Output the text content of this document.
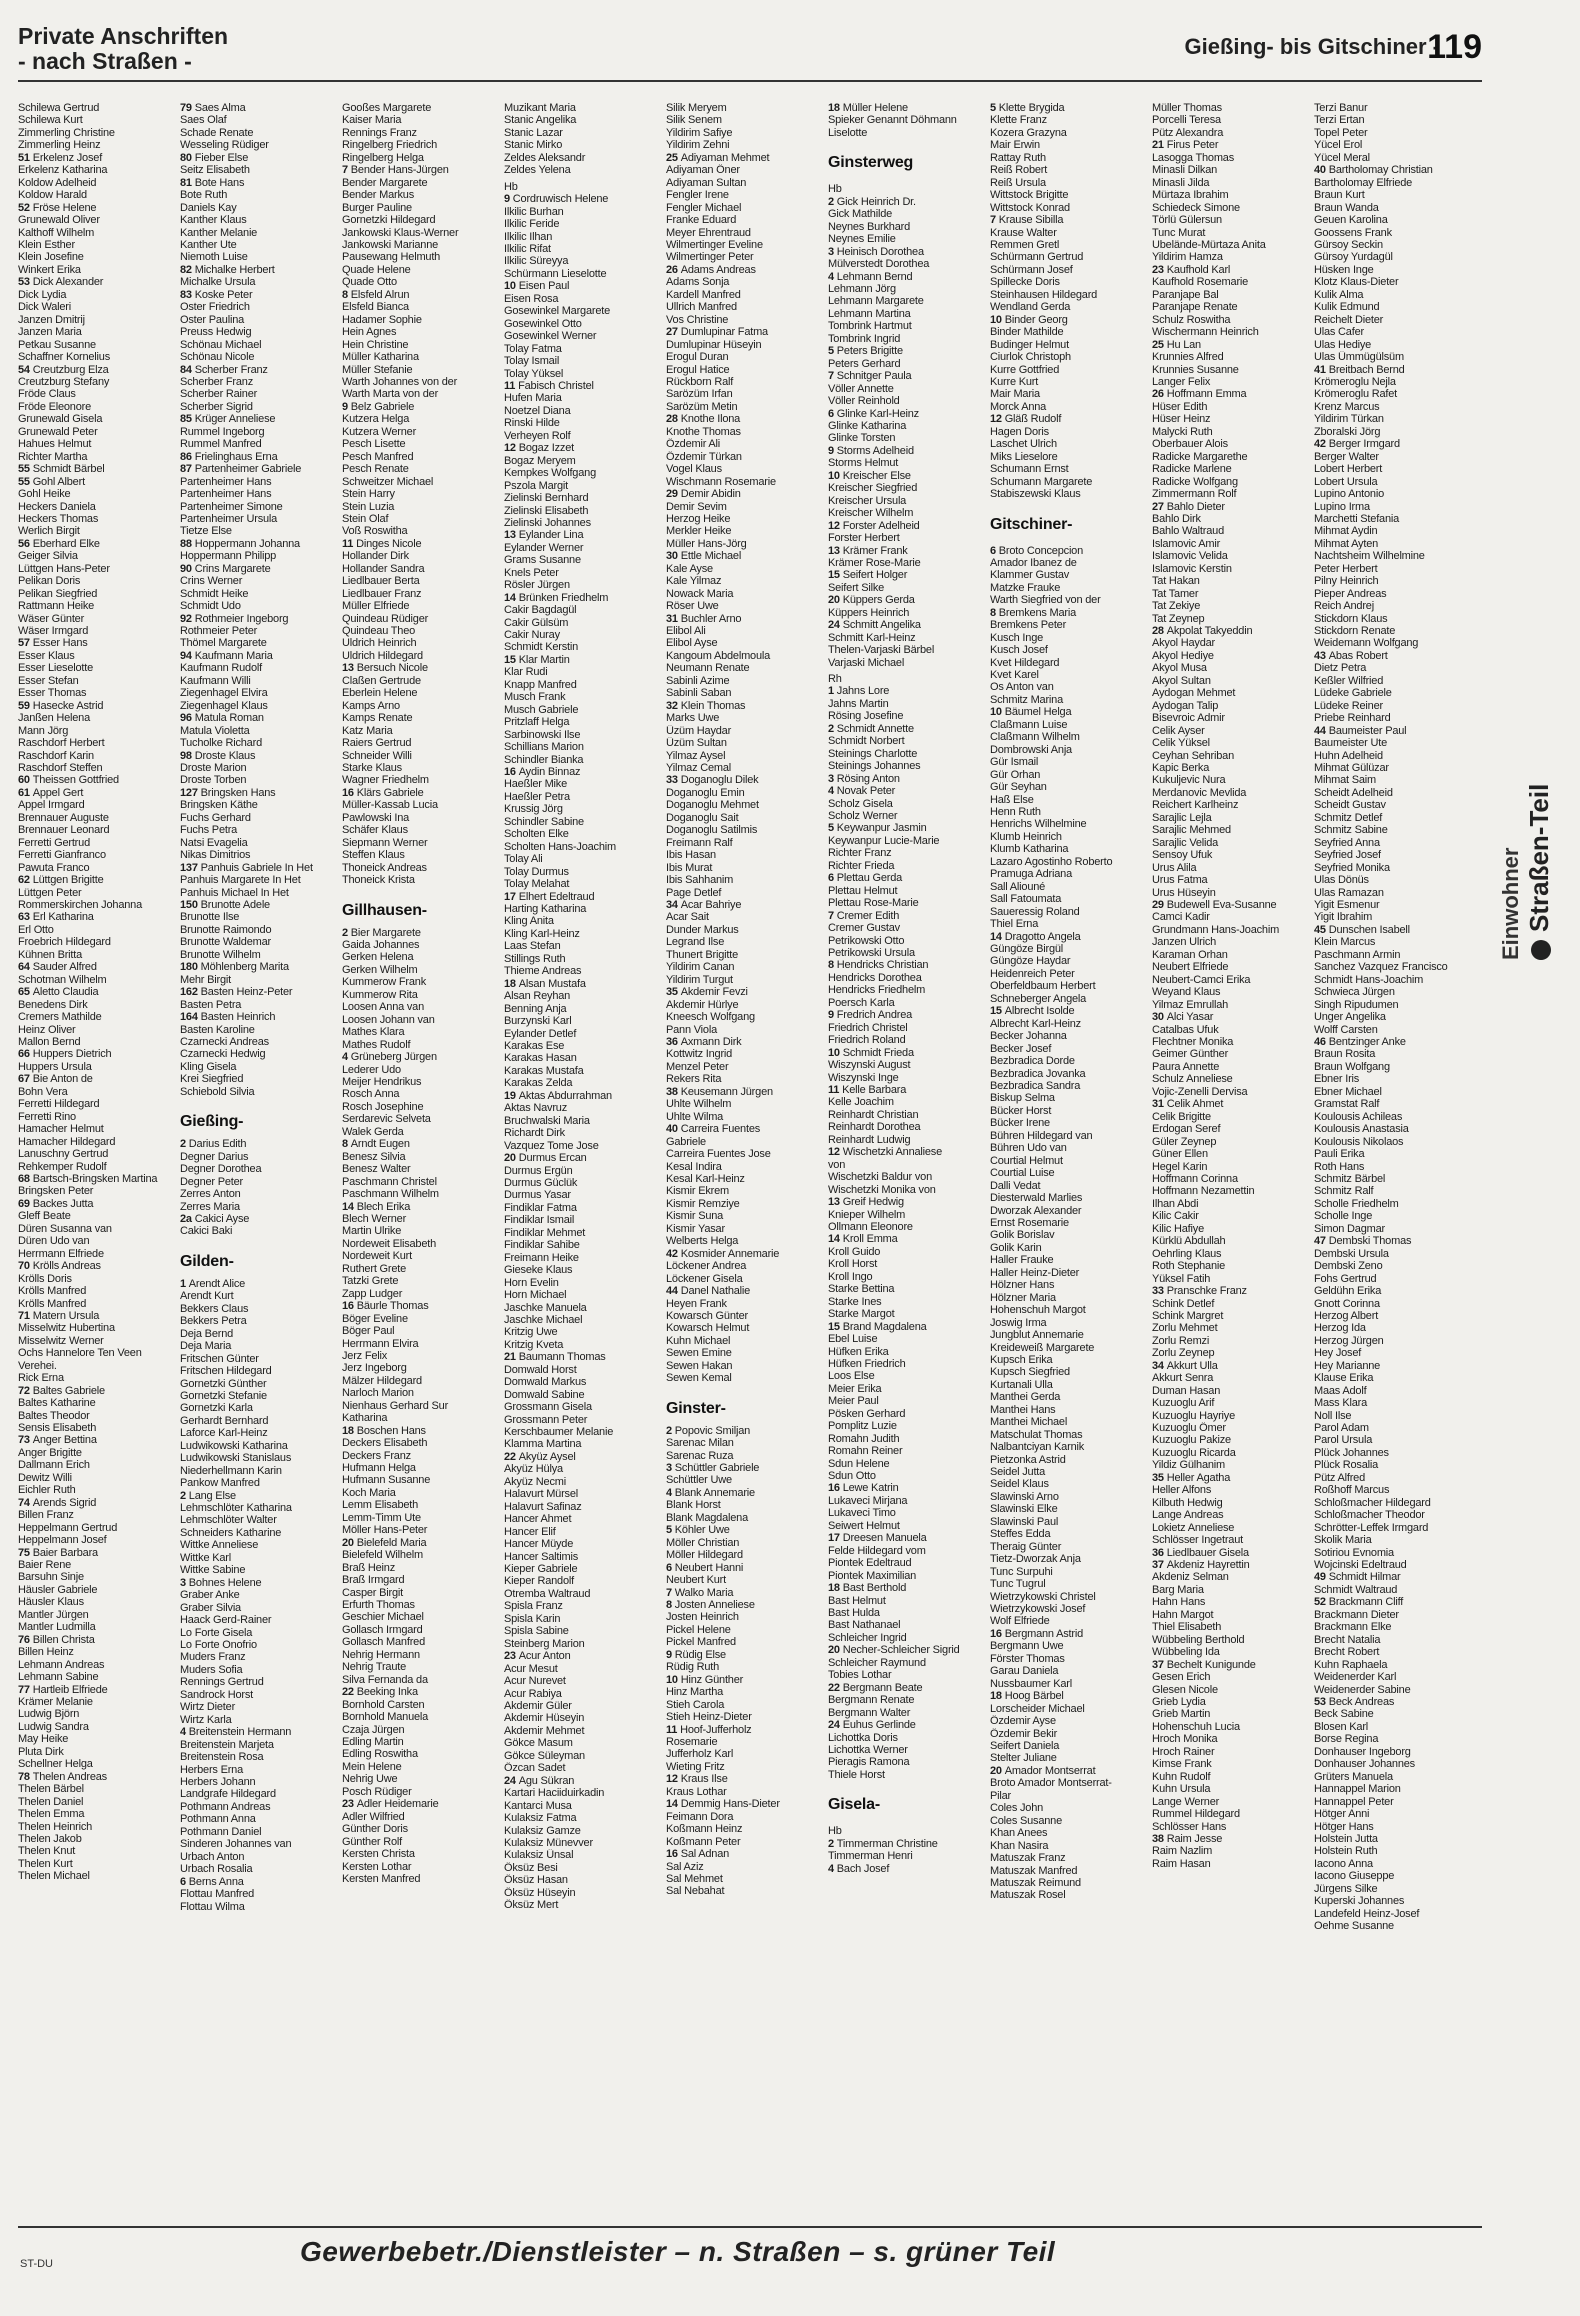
Private Anschriften
- nach Straßen -
Gießing- bis Gitschiner -
119
Schilewa Gertrud
Schilewa Kurt
Zimmerling Christine
Zimmerling Heinz
51 Erkelenz Josef
Erkelenz Katharina
Koldow Adelheid
Koldow Harald
52 Fröse Helene
Grunewald Oliver
Kalthoff Wilhelm
Klein Esther
Klein Josefine
Winkert Erika
53 Dick Alexander
Dick Lydia
Dick Waleri
Janzen Dmitrij
Janzen Maria
Petkau Susanne
Schaffner Kornelius
54 Creutzburg Elza
Creutzburg Stefany
Fröde Claus
Fröde Eleonore
Grunewald Gisela
Grunewald Peter
Hahues Helmut
Richter Martha
55 Schmidt Bärbel
55 Gohl Albert
Gohl Heike
Heckers Daniela
Heckers Thomas
Werlich Birgit
56 Eberhard Elke
Geiger Silvia
Lüttgen Hans-Peter
Pelikan Doris
Pelikan Siegfried
Rattmann Heike
Wäser Günter
Wäser Irmgard
57 Esser Hans
Esser Klaus
Esser Lieselotte
Esser Stefan
Esser Thomas
59 Hasecke Astrid
Janßen Helena
Mann Jörg
Raschdorf Herbert
Raschdorf Karin
Raschdorf Steffen
60 Theissen Gottfried
61 Appel Gert
Appel Irmgard
Brennauer Auguste
Brennauer Leonard
Ferretti Gertrud
Ferretti Gianfranco
Pawuta Franco
62 Lüttgen Brigitte
Lüttgen Peter
Rommerskirchen Johanna
63 Erl Katharina
Erl Otto
Froebrich Hildegard
Kühnen Britta
64 Sauder Alfred
Schotman Wilhelm
65 Aletto Claudia
Benedens Dirk
Cremers Mathilde
Heinz Oliver
Mallon Bernd
66 Huppers Dietrich
Huppers Ursula
67 Bie Anton de
Bohn Vera
Ferretti Hildegard
Ferretti Rino
Hamacher Helmut
Hamacher Hildegard
Lanuschny Gertrud
Rehkemper Rudolf
68 Bartsch-Bringsken Martina
Bringsken Peter
69 Backes Jutta
Gleff Beate
Düren Susanna van
Düren Udo van
Herrmann Elfriede
70 Krölls Andreas
Krölls Doris
Krölls Manfred
Krölls Manfred
71 Matern Ursula
Misselwitz Hubertina
Misselwitz Werner
Ochs Hannelore Ten Veen
Verehei.
Rick Erna
72 Baltes Gabriele
Baltes Katharine
Baltes Theodor
Sensis Elisabeth
73 Anger Bettina
Anger Brigitte
Dallmann Erich
Dewitz Willi
Eichler Ruth
74 Arends Sigrid
Billen Franz
Heppelmann Gertrud
Heppelmann Josef
75 Baier Barbara
Baier Rene
Barsuhn Sinje
Häusler Gabriele
Häusler Klaus
Mantler Jürgen
Mantler Ludmilla
76 Billen Christa
Billen Heinz
Lehmann Andreas
Lehmann Sabine
77 Hartleib Elfriede
Krämer Melanie
Ludwig Björn
Ludwig Sandra
May Heike
Pluta Dirk
Schellner Helga
78 Thelen Andreas
Thelen Bärbel
Thelen Daniel
Thelen Emma
Thelen Heinrich
Thelen Jakob
Thelen Knut
Thelen Kurt
Thelen Michael
79 Saes Alma
Saes Olaf
Schade Renate
Wesseling Rüdiger
80 Fieber Else
Seitz Elisabeth
81 Bote Hans
Bote Ruth
Daniels Kay
Kanther Klaus
Kanther Melanie
Kanther Ute
Niemoth Luise
82 Michalke Herbert
Michalke Ursula
83 Koske Peter
Oster Friedrich
Oster Paulina
Preuss Hedwig
Schönau Michael
Schönau Nicole
84 Scherber Franz
Scherber Franz
Scherber Rainer
Scherber Sigrid
85 Krüger Anneliese
Rummel Ingeborg
Rummel Manfred
86 Frielinghaus Erna
87 Partenheimer Gabriele
Partenheimer Hans
Partenheimer Hans
Partenheimer Simone
Partenheimer Ursula
Tietze Else
88 Hoppermann Johanna
Hoppermann Philipp
90 Crins Margarete
Crins Werner
Schmidt Heike
Schmidt Udo
92 Rothmeier Ingeborg
Rothmeier Peter
Thömel Margarete
94 Kaufmann Maria
Kaufmann Rudolf
Kaufmann Willi
Ziegenhagel Elvira
Ziegenhagel Klaus
96 Matula Roman
Matula Violetta
Tucholke Richard
98 Droste Klaus
Droste Marion
Droste Torben
127 Bringsken Hans
Bringsken Käthe
Fuchs Gerhard
Fuchs Petra
Natsi Evagelia
Nikas Dimitrios
137 Panhuis Gabriele In Het
Panhuis Margarete In Het
Panhuis Michael In Het
150 Brunotte Adele
Brunotte Ilse
Brunotte Raimondo
Brunotte Waldemar
Brunotte Wilhelm
180 Möhlenberg Marita
Mehr Birgit
162 Basten Heinz-Peter
Basten Petra
164 Basten Heinrich
Basten Karoline
Czarnecki Andreas
Czarnecki Hedwig
Kling Gisela
Krei Siegfried
Schiebold Silvia
Gießing-
2 Darius Edith
Degner Darius
Degner Dorothea
Degner Peter
Zerres Anton
Zerres Maria
2a Cakici Ayse
Cakici Baki
Gilden-
1 Arendt Alice
Arendt Kurt
Bekkers Claus
Bekkers Petra
Deja Bernd
Deja Maria
Fritschen Günter
Fritschen Hildegard
Gornetzki Günther
Gornetzki Stefanie
Gornetzki Karla
Gerhardt Bernhard
Laforce Karl-Heinz
Ludwikowski Katharina
Ludwikowski Stanislaus
Niederhellmann Karin
Pankow Manfred
2 Lang Else
Lehmschlöter Katharina
Lehmschlöter Walter
Schneiders Katharine
Wittke Anneliese
Wittke Karl
Wittke Sabine
3 Bohnes Helene
Graber Anke
Graber Silvia
Haack Gerd-Rainer
Lo Forte Gisela
Lo Forte Onofrio
Muders Franz
Muders Sofia
Rennings Gertrud
Sandrock Horst
Wirtz Dieter
Wirtz Karla
4 Breitenstein Hermann
Breitenstein Marjeta
Breitenstein Rosa
Herbers Erna
Herbers Johann
Landgrafe Hildegard
Pothmann Andreas
Pothmann Anna
Pothmann Daniel
Sinderen Johannes van
Urbach Anton
Urbach Rosalia
6 Berns Anna
Flottau Manfred
Flottau Wilma
Gooßes Margarete
Kaiser Maria
Rennings Franz
Ringelberg Friedrich
Ringelberg Helga
7 Bender Hans-Jürgen
Bender Margarete
Bender Markus
Burger Pauline
Gornetzki Hildegard
Jankowski Klaus-Werner
Jankowski Marianne
Pausewang Helmuth
Quade Helene
Quade Otto
8 Elsfeld Alrun
Elsfeld Bianca
Hadamer Sophie
Hein Agnes
Hein Christine
Müller Katharina
Müller Stefanie
Warth Johannes von der
Warth Marta von der
9 Belz Gabriele
Kutzera Helga
Kutzera Werner
Pesch Lisette
Pesch Manfred
Pesch Renate
Schweitzer Michael
Stein Harry
Stein Luzia
Stein Olaf
Voß Roswitha
11 Dinges Nicole
Hollander Dirk
Hollander Sandra
Liedlbauer Berta
Liedlbauer Franz
Müller Elfriede
Quindeau Rüdiger
Quindeau Theo
Uldrich Heinrich
Uldrich Hildegard
13 Bersuch Nicole
Claßen Gertrude
Eberlein Helene
Kamps Arno
Kamps Renate
Katz Maria
Raiers Gertrud
Schneider Willi
Starke Klaus
Wagner Friedhelm
16 Klärs Gabriele
Müller-Kassab Lucia
Pawlowski Ina
Schäfer Klaus
Siepmann Werner
Steffen Klaus
Thoneick Andreas
Thoneick Krista
Gillhausen-
2 Bier Margarete
Gaida Johannes
Gerken Helena
Gerken Wilhelm
Kummerow Frank
Kummerow Rita
Loosen Anna van
Loosen Johann van
Mathes Klara
Mathes Rudolf
4 Grüneberg Jürgen
Lederer Udo
Meijer Hendrikus
Rosch Anna
Rosch Josephine
Serdarevic Selveta
Walek Gerda
8 Arndt Eugen
Benesz Silvia
Benesz Walter
Paschmann Christel
Paschmann Wilhelm
14 Blech Erika
Blech Werner
Martin Ulrike
Nordeweit Elisabeth
Nordeweit Kurt
Ruthert Grete
Tatzki Grete
Zapp Ludger
16 Bäurle Thomas
Böger Eveline
Böger Paul
Herrmann Elvira
Jerz Felix
Jerz Ingeborg
Mälzer Hildegard
Narloch Marion
Nienhaus Gerhard Sur
Katharina
18 Boschen Hans
Deckers Elisabeth
Deckers Franz
Hufmann Helga
Hufmann Susanne
Koch Maria
Lemm Elisabeth
Lemm-Timm Ute
Möller Hans-Peter
20 Bielefeld Maria
Bielefeld Wilhelm
Braß Heinz
Braß Irmgard
Casper Birgit
Erfurth Thomas
Geschier Michael
Gollasch Irmgard
Gollasch Manfred
Nehrig Hermann
Nehrig Traute
Silva Fernanda da
22 Beeking Inka
Bornhold Carsten
Bornhold Manuela
Czaja Jürgen
Edling Martin
Edling Roswitha
Mein Helene
Nehrig Uwe
Posch Rüdiger
23 Adler Heidemarie
Adler Wilfried
Günther Doris
Günther Rolf
Kersten Christa
Kersten Lothar
Kersten Manfred
Muzikant Maria
Stanic Angelika
Stanic Lazar
Stanic Mirko
Zeldes Aleksandr
Zeldes Yelena
Hb
9 Cordruwisch Helene
Ilkilic Burhan
Ilkilic Feride
Ilkilic Ilhan
Ilkilic Rifat
Ilkilic Süreyya
Schürmann Lieselotte
10 Eisen Paul
Eisen Rosa
Gosewinkel Margarete
Gosewinkel Otto
Gosewinkel Werner
Tolay Fatma
Tolay Ismail
Tolay Yüksel
11 Fabisch Christel
Hufen Maria
Noetzel Diana
Rinski Hilde
Verheyen Rolf
12 Bogaz Izzet
Bogaz Meryem
Kempkes Wolfgang
Pszola Margit
Zielinski Bernhard
Zielinski Elisabeth
Zielinski Johannes
13 Eylander Lina
Eylander Werner
Grams Susanne
Knels Peter
Rösler Jürgen
14 Brünken Friedhelm
Cakir Bagdagül
Cakir Gülsüm
Cakir Nuray
Schmidt Kerstin
15 Klar Martin
Klar Rudi
Knapp Manfred
Musch Frank
Musch Gabriele
Pritzlaff Helga
Sarbinowski Ilse
Schillians Marion
Schindler Bianka
16 Aydin Binnaz
Haeßler Mike
Haeßler Petra
Krussig Jörg
Schindler Sabine
Scholten Elke
Scholten Hans-Joachim
Tolay Ali
Tolay Durmus
Tolay Melahat
17 Elhert Edeltraud
Harting Katharina
Kling Anita
Kling Karl-Heinz
Laas Stefan
Stillings Ruth
Thieme Andreas
18 Alsan Mustafa
Alsan Reyhan
Benning Anja
Burzynski Karl
Eylander Detlef
Karakas Ese
Karakas Hasan
Karakas Mustafa
Karakas Zelda
19 Aktas Abdurrahman
Aktas Navruz
Bruchwalski Maria
Richardt Dirk
Vazquez Tome Jose
20 Durmus Ercan
Durmus Ergün
Durmus Güclük
Durmus Yasar
Findiklar Fatma
Findiklar Ismail
Findiklar Mehmet
Findiklar Sahibe
Freimann Heike
Gieseke Klaus
Horn Evelin
Horn Michael
Jaschke Manuela
Jaschke Michael
Kritzig Uwe
Kritzig Kveta
21 Baumann Thomas
Domwald Horst
Domwald Markus
Domwald Sabine
Grossmann Gisela
Grossmann Peter
Kerschbaumer Melanie
Klamma Martina
22 Akyüz Aysel
Akyüz Hülya
Akyüz Necmi
Halavurt Mürsel
Halavurt Safinaz
Hancer Ahmet
Hancer Elif
Hancer Müyde
Hancer Saltimis
Kieper Gabriele
Kieper Randolf
Otremba Waltraud
Spisla Franz
Spisla Karin
Spisla Sabine
Steinberg Marion
23 Acur Anton
Acur Mesut
Acur Nurevet
Acur Rabiya
Akdemir Güler
Akdemir Hüseyin
Akdemir Mehmet
Gökce Masum
Gökce Süleyman
Özcan Sadet
24 Agu Sükran
Kartari Haciiduirkadin
Kantarci Musa
Kulaksiz Fatma
Kulaksiz Gamze
Kulaksiz Münevver
Kulaksiz Ünsal
Öksüz Besi
Öksüz Hasan
Öksüz Hüseyin
Öksüz Mert
Silik Meryem
Silik Senem
Yildirim Safiye
Yildirim Zehni
25 Adiyaman Mehmet
Adiyaman Öner
Adiyaman Sultan
Fengler Irene
Fengler Michael
Franke Eduard
Meyer Ehrentraud
Wilmertinger Eveline
Wilmertinger Peter
26 Adams Andreas
Adams Sonja
Kardell Manfred
Ullrich Manfred
Vos Christine
27 Dumlupinar Fatma
Dumlupinar Hüseyin
Erogul Duran
Erogul Hatice
Rückborn Ralf
Sarözüm Irfan
Sarözüm Metin
28 Knothe Ilona
Knothe Thomas
Özdemir Ali
Özdemir Türkan
Vogel Klaus
Wischmann Rosemarie
29 Demir Abidin
Demir Sevim
Herzog Heike
Merkler Heike
Müller Hans-Jörg
30 Ettle Michael
Kale Ayse
Kale Yilmaz
Nowack Maria
Röser Uwe
31 Buchler Arno
Elibol Ali
Elibol Ayse
Kangoum Abdelmoula
Neumann Renate
Sabinli Azime
Sabinli Saban
32 Klein Thomas
Marks Uwe
Üzüm Haydar
Üzüm Sultan
Yilmaz Aysel
Yilmaz Cemal
33 Doganoglu Dilek
Doganoglu Emin
Doganoglu Mehmet
Doganoglu Sait
Doganoglu Satilmis
Freimann Ralf
Ibis Hasan
Ibis Murat
Ibis Sahhanim
Page Detlef
34 Acar Bahriye
Acar Sait
Dunder Markus
Legrand Ilse
Thunert Brigitte
Yildirim Canan
Yildirim Turgut
35 Akdemir Fevzi
Akdemir Hürlye
Kneesch Wolfgang
Pann Viola
36 Axmann Dirk
Kottwitz Ingrid
Menzel Peter
Rekers Rita
38 Keusemann Jürgen
Uhlte Wilhelm
Uhlte Wilma
40 Carreira Fuentes
Gabriele
Carreira Fuentes Jose
Kesal Indira
Kesal Karl-Heinz
Kismir Ekrem
Kismir Remziye
Kismir Suna
Kismir Yasar
Welberts Helga
42 Kosmider Annemarie
Löckener Andrea
Löckener Gisela
44 Danel Nathalie
Heyen Frank
Kowarsch Günter
Kowarsch Helmut
Kuhn Michael
Sewen Emine
Sewen Hakan
Sewen Kemal
Ginster-
2 Popovic Smiljan
Sarenac Milan
Sarenac Ruza
3 Schüttler Gabriele
Schüttler Uwe
4 Blank Annemarie
Blank Horst
Blank Magdalena
5 Köhler Uwe
Möller Christian
Möller Hildegard
6 Neubert Hanni
Neubert Kurt
7 Walko Maria
8 Josten Anneliese
Josten Heinrich
Pickel Helene
Pickel Manfred
9 Rüdig Else
Rüdig Ruth
10 Hinz Günther
Hinz Martha
Stieh Carola
Stieh Heinz-Dieter
11 Hoof-Jufferholz
Rosemarie
Jufferholz Karl
Wieting Fritz
12 Kraus Ilse
Kraus Lothar
14 Demmig Hans-Dieter
Feimann Dora
Koßmann Heinz
Koßmann Peter
16 Sal Adnan
Sal Aziz
Sal Mehmet
Sal Nebahat
18 Müller Helene
Spieker Genannt Döhmann
Liselotte
Ginsterweg
Hb
2 Gick Heinrich Dr.
Gick Mathilde
Neynes Burkhard
Neynes Emilie
3 Heinisch Dorothea
Mülverstedt Dorothea
4 Lehmann Bernd
Lehmann Jörg
Lehmann Margarete
Lehmann Martina
Tombrink Hartmut
Tombrink Ingrid
5 Peters Brigitte
Peters Gerhard
7 Schnitger Paula
Völler Annette
Völler Reinhold
6 Glinke Karl-Heinz
Glinke Katharina
Glinke Torsten
9 Storms Adelheid
Storms Helmut
10 Kreischer Else
Kreischer Siegfried
Kreischer Ursula
Kreischer Wilhelm
12 Forster Adelheid
Forster Herbert
13 Krämer Frank
Krämer Rose-Marie
15 Seifert Holger
Seifert Silke
20 Küppers Gerda
Küppers Heinrich
24 Schmitt Angelika
Schmitt Karl-Heinz
Thelen-Varjaski Bärbel
Varjaski Michael
Rh
1 Jahns Lore
Jahns Martin
Rösing Josefine
2 Schmidt Annette
Schmidt Norbert
Steinings Charlotte
Steinings Johannes
3 Rösing Anton
4 Novak Peter
Scholz Gisela
Scholz Werner
5 Keywanpur Jasmin
Keywanpur Lucie-Marie
Richter Franz
Richter Frieda
6 Plettau Gerda
Plettau Helmut
Plettau Rose-Marie
7 Cremer Edith
Cremer Gustav
Petrikowski Otto
Petrikowski Ursula
8 Hendricks Christian
Hendricks Dorothea
Hendricks Friedhelm
Poersch Karla
9 Fredrich Andrea
Friedrich Christel
Friedrich Roland
10 Schmidt Frieda
Wiszynski August
Wiszynski Inge
11 Kelle Barbara
Kelle Joachim
Reinhardt Christian
Reinhardt Dorothea
Reinhardt Ludwig
12 Wischetzki Annaliese
von
Wischetzki Baldur von
Wischetzki Monika von
13 Greif Hedwig
Knieper Wilhelm
Ollmann Eleonore
14 Kroll Emma
Kroll Guido
Kroll Horst
Kroll Ingo
Starke Bettina
Starke Ines
Starke Margot
15 Brand Magdalena
Ebel Luise
Hüfken Erika
Hüfken Friedrich
Loos Else
Meier Erika
Meier Paul
Pösken Gerhard
Pomplitz Luzie
Romahn Judith
Romahn Reiner
Sdun Helene
Sdun Otto
16 Lewe Katrin
Lukaveci Mirjana
Lukaveci Timo
Seiwert Helmut
17 Dreesen Manuela
Felde Hildegard vom
Piontek Edeltraud
Piontek Maximilian
18 Bast Berthold
Bast Helmut
Bast Hulda
Bast Nathanael
Schleicher Ingrid
20 Necher-Schleicher Sigrid
Schleicher Raymund
Tobies Lothar
22 Bergmann Beate
Bergmann Renate
Bergmann Walter
24 Euhus Gerlinde
Lichottka Doris
Lichottka Werner
Pieragis Ramona
Thiele Horst
Gisela-
Hb
2 Timmerman Christine
Timmerman Henri
4 Bach Josef
5 Klette Brygida
Klette Franz
Kozera Grazyna
Mair Erwin
Rattay Ruth
Reiß Robert
Reiß Ursula
Wittstock Brigitte
Wittstock Konrad
7 Krause Sibilla
Krause Walter
Remmen Gretl
Schürmann Gertrud
Schürmann Josef
Spillecke Doris
Steinhausen Hildegard
Wendland Gerda
10 Binder Georg
Binder Mathilde
Budinger Helmut
Ciurlok Christoph
Kurre Gottfried
Kurre Kurt
Mair Maria
Morck Anna
12 Gläß Rudolf
Hagen Doris
Laschet Ulrich
Miks Lieselore
Schumann Ernst
Schumann Margarete
Stabiszewski Klaus
Gitschiner-
6 Broto Concepcion
Amador Ibanez de
Klammer Gustav
Matzke Frauke
Warth Siegfried von der
8 Bremkens Maria
Bremkens Peter
Kusch Inge
Kusch Josef
Kvet Hildegard
Kvet Karel
Os Anton van
Schmitz Marina
10 Bäumel Helga
Claßmann Luise
Claßmann Wilhelm
Dombrowski Anja
Gür Ismail
Gür Orhan
Gür Seyhan
Haß Else
Henn Ruth
Henrichs Wilhelmine
Klumb Heinrich
Klumb Katharina
Lazaro Agostinho Roberto
Pramuga Adriana
Sall Aliouné
Sall Fatoumata
Saueressig Roland
Thiel Erna
14 Dragotto Angela
Güngöze Birgül
Güngöze Haydar
Heidenreich Peter
Oberfeldbaum Herbert
Schneberger Angela
15 Albrecht Isolde
Albrecht Karl-Heinz
Becker Johanna
Becker Josef
Bezbradica Dorde
Bezbradica Jovanka
Bezbradica Sandra
Biskup Selma
Bücker Horst
Bücker Irene
Bühren Hildegard van
Bühren Udo van
Courtial Helmut
Courtial Luise
Dalli Vedat
Diesterwald Marlies
Dworzak Alexander
Ernst Rosemarie
Golik Borislav
Golik Karin
Haller Frauke
Haller Heinz-Dieter
Hölzner Hans
Hölzner Maria
Hohenschuh Margot
Joswig Irma
Jungblut Annemarie
Kreideweiß Margarete
Kupsch Erika
Kupsch Siegfried
Kurtanali Ulla
Manthei Gerda
Manthei Hans
Manthei Michael
Matschulat Thomas
Nalbantciyan Karnik
Pietzonka Astrid
Seidel Jutta
Seidel Klaus
Slawinski Arno
Slawinski Elke
Slawinski Paul
Steffes Edda
Theraig Günter
Tietz-Dworzak Anja
Tunc Surpuhi
Tunc Tugrul
Wietrzykowski Christel
Wietrzykowski Josef
Wolf Elfriede
16 Bergmann Astrid
Bergmann Uwe
Förster Thomas
Garau Daniela
Nussbaumer Karl
18 Hoog Bärbel
Lorscheider Michael
Özdemir Ayse
Özdemir Bekir
Seifert Daniela
Stelter Juliane
20 Amador Montserrat
Broto Amador Montserrat-
Pilar
Coles John
Coles Susanne
Khan Anees
Khan Nasira
Matuszak Franz
Matuszak Manfred
Matuszak Reimund
Matuszak Rosel
Müller Thomas
Porcelli Teresa
Pütz Alexandra
21 Firus Peter
Lasogga Thomas
Minasli Dilkan
Minasli Jilda
Mürtaza Ibrahim
Schiedeck Simone
Törlü Gülersun
Tunc Murat
Ubelände-Mürtaza Anita
Yildirim Hamza
23 Kaufhold Karl
Kaufhold Rosemarie
Paranjape Bal
Paranjape Renate
Schulz Roswitha
Wischermann Heinrich
25 Hu Lan
Krunnies Alfred
Krunnies Susanne
Langer Felix
26 Hoffmann Emma
Hüser Edith
Hüser Heinz
Malycki Ruth
Oberbauer Alois
Radicke Margarethe
Radicke Marlene
Radicke Wolfgang
Zimmermann Rolf
27 Bahlo Dieter
Bahlo Dirk
Bahlo Waltraud
Islamovic Amir
Islamovic Velida
Islamovic Kerstin
Tat Hakan
Tat Tamer
Tat Zekiye
Tat Zeynep
28 Akpolat Takyeddin
Akyol Haydar
Akyol Hediye
Akyol Musa
Akyol Sultan
Aydogan Mehmet
Aydogan Talip
Bisevroic Admir
Celik Ayser
Celik Yüksel
Ceyhan Sehriban
Kapic Berka
Kukuljevic Nura
Merdanovic Mevlida
Reichert Karlheinz
Sarajlic Lejla
Sarajlic Mehmed
Sarajlic Velida
Sensoy Ufuk
Urus Alila
Urus Fatma
Urus Hüseyin
29 Budewell Eva-Susanne
Camci Kadir
Grundmann Hans-Joachim
Janzen Ulrich
Karaman Orhan
Neubert Elfriede
Neubert-Camci Erika
Weyand Klaus
Yilmaz Emrullah
30 Alci Yasar
Catalbas Ufuk
Flechtner Monika
Geimer Günther
Paura Annette
Schulz Anneliese
Vojic-Zenelli Dervisa
31 Celik Ahmet
Celik Brigitte
Erdogan Seref
Güler Zeynep
Güner Ellen
Hegel Karin
Hoffmann Corinna
Hoffmann Nezamettin
Ilhan Abdi
Kilic Cakir
Kilic Hafiye
Kürklü Abdullah
Oehrling Klaus
Roth Stephanie
Yüksel Fatih
33 Pranschke Franz
Schink Detlef
Schink Margret
Zorlu Mehmet
Zorlu Remzi
Zorlu Zeynep
34 Akkurt Ulla
Akkurt Senra
Duman Hasan
Kuzuoglu Arif
Kuzuoglu Hayriye
Kuzuoglu Ömer
Kuzuoglu Pakize
Kuzuoglu Ricarda
Yildiz Gülhanim
35 Heller Agatha
Heller Alfons
Kilbuth Hedwig
Lange Andreas
Lokietz Anneliese
Schlösser Ingetraut
36 Liedlbauer Gisela
37 Akdeniz Hayrettin
Akdeniz Selman
Barg Maria
Hahn Hans
Hahn Margot
Thiel Elisabeth
Wübbeling Berthold
Wübbeling Ida
37 Bechelt Kunigunde
Gesen Erich
Glesen Nicole
Grieb Lydia
Grieb Martin
Hohenschuh Lucia
Hroch Monika
Hroch Rainer
Kimse Frank
Kuhn Rudolf
Kuhn Ursula
Lange Werner
Rummel Hildegard
Schlösser Hans
38 Raim Jesse
Raim Nazlim
Raim Hasan
Terzi Banur
Terzi Ertan
Topel Peter
Yücel Erol
Yücel Meral
40 Bartholomay Christian
Bartholomay Elfriede
Braun Kurt
Braun Wanda
Geuen Karolina
Goossens Frank
Gürsoy Seckin
Gürsoy Yurdagül
Hüsken Inge
Klotz Klaus-Dieter
Kulik Alma
Kulik Edmund
Reichelt Dieter
Ulas Cafer
Ulas Hediye
Ulas Ümmügülsüm
41 Breitbach Bernd
Krömeroglu Nejla
Krömeroglu Rafet
Krenz Marcus
Yildirim Türkan
Zboralski Jörg
42 Berger Irmgard
Berger Walter
Lobert Herbert
Lobert Ursula
Lupino Antonio
Lupino Irma
Marchetti Stefania
Mihmat Aydin
Mihmat Ayten
Nachtsheim Wilhelmine
Peter Herbert
Pilny Heinrich
Pieper Andreas
Reich Andrej
Stickdorn Klaus
Stickdorn Renate
Weidemann Wolfgang
43 Abas Robert
Dietz Petra
Keßler Wilfried
Lüdeke Gabriele
Lüdeke Reiner
Priebe Reinhard
44 Baumeister Paul
Baumeister Ute
Huhn Adelheid
Mihmat Gülüzar
Mihmat Saim
Scheidt Adelheid
Scheidt Gustav
Schmitz Detlef
Schmitz Sabine
Seyfried Anna
Seyfried Josef
Seyfried Monika
Ulas Dönüs
Ulas Ramazan
Yigit Esmenur
Yigit Ibrahim
45 Dunschen Isabell
Klein Marcus
Paschmann Armin
Sanchez Vazquez Francisco
Schmidt Hans-Joachim
Schwieca Jürgen
Singh Ripudumen
Unger Angelika
Wolff Carsten
46 Bentzinger Anke
Braun Rosita
Braun Wolfgang
Ebner Iris
Ebner Michael
Gramstat Ralf
Koulousis Achileas
Koulousis Anastasia
Koulousis Nikolaos
Pauli Erika
Roth Hans
Schmitz Bärbel
Schmitz Ralf
Scholle Friedhelm
Scholle Inge
Simon Dagmar
47 Dembski Thomas
Dembski Ursula
Dembski Zeno
Fohs Gertrud
Geldühn Erika
Gnott Corinna
Herzog Albert
Herzog Ida
Herzog Jürgen
Hey Josef
Hey Marianne
Klause Erika
Maas Adolf
Mass Klara
Noll Ilse
Parol Adam
Parol Ursula
Plück Johannes
Plück Rosalia
Pütz Alfred
Roßhoff Marcus
Schloßmacher Hildegard
Schloßmacher Theodor
Schrötter-Leffek Irmgard
Skolik Maria
Sotiriou Evnomia
Wojcinski Edeltraud
49 Schmidt Hilmar
Schmidt Waltraud
52 Brackmann Cliff
Brackmann Dieter
Brackmann Elke
Brecht Natalia
Brecht Robert
Kuhn Raphaela
Weidenerder Karl
Weidenerder Sabine
53 Beck Andreas
Beck Sabine
Blosen Karl
Borse Regina
Donhauser Ingeborg
Donhauser Johannes
Grüters Manuela
Hannappel Marion
Hannappel Peter
Hötger Anni
Hötger Hans
Holstein Jutta
Holstein Ruth
Iacono Anna
Iacono Giuseppe
Jürgens Silke
Kuperski Johannes
Landefeld Heinz-Josef
Oehme Susanne
Einwohner Straßen-Teil
ST-DU	Gewerbebetr./Dienstleister – n. Straßen – s. grüner Teil
